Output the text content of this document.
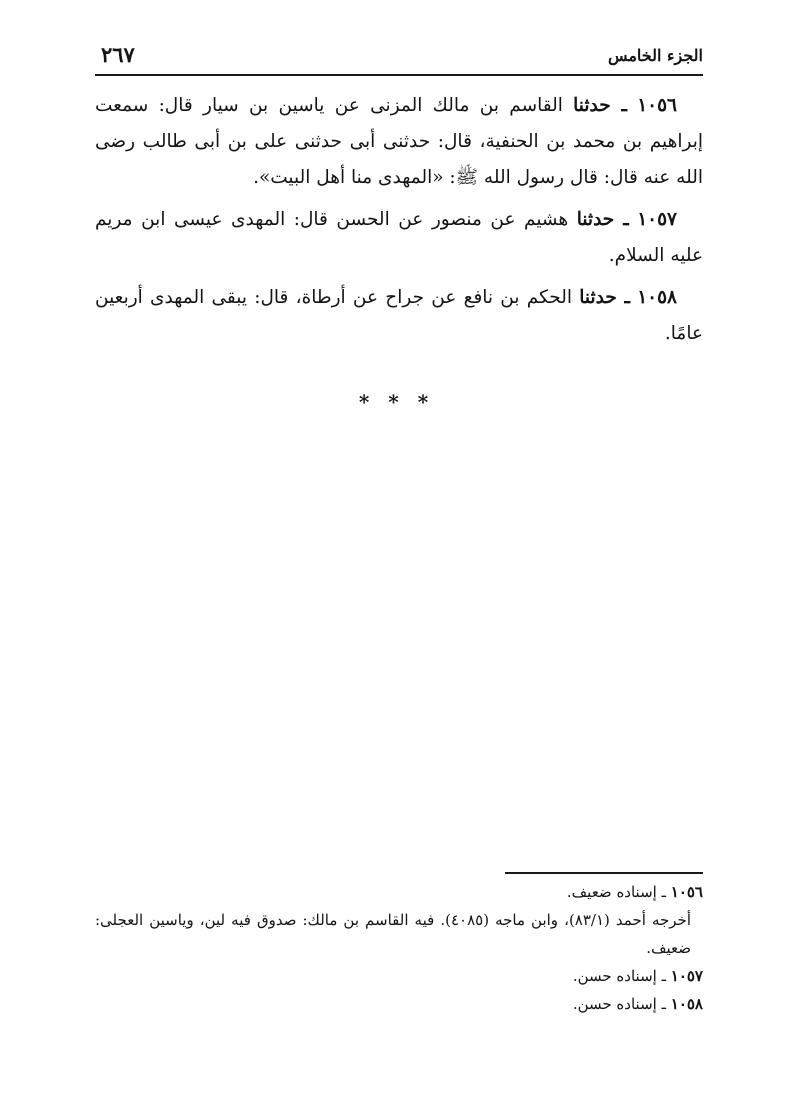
الجزء الخامس
٢٦٧

١٠٥٦ ـ حدثنا القاسم بن مالك المزنى عن ياسين بن سيار قال: سمعت إبراهيم بن محمد بن الحنفية، قال: حدثنى أبى حدثنى على بن أبى طالب رضى الله عنه قال: قال رسول الله ﷺ: «المهدى منا أهل البيت».

١٠٥٧ ـ حدثنا هشيم عن منصور عن الحسن قال: المهدى عيسى ابن مريم عليه السلام.

١٠٥٨ ـ حدثنا الحكم بن نافع عن جراح عن أرطاة، قال: يبقى المهدى أربعين عامًا.

* * *

١٠٥٦ ـ إسناده ضعيف.

أخرجه أحمد (٨٣/١)، وابن ماجه (٤٠٨٥). فيه القاسم بن مالك: صدوق فيه لين، وياسين العجلى: ضعيف.

١٠٥٧ ـ إسناده حسن.

١٠٥٨ ـ إسناده حسن.
